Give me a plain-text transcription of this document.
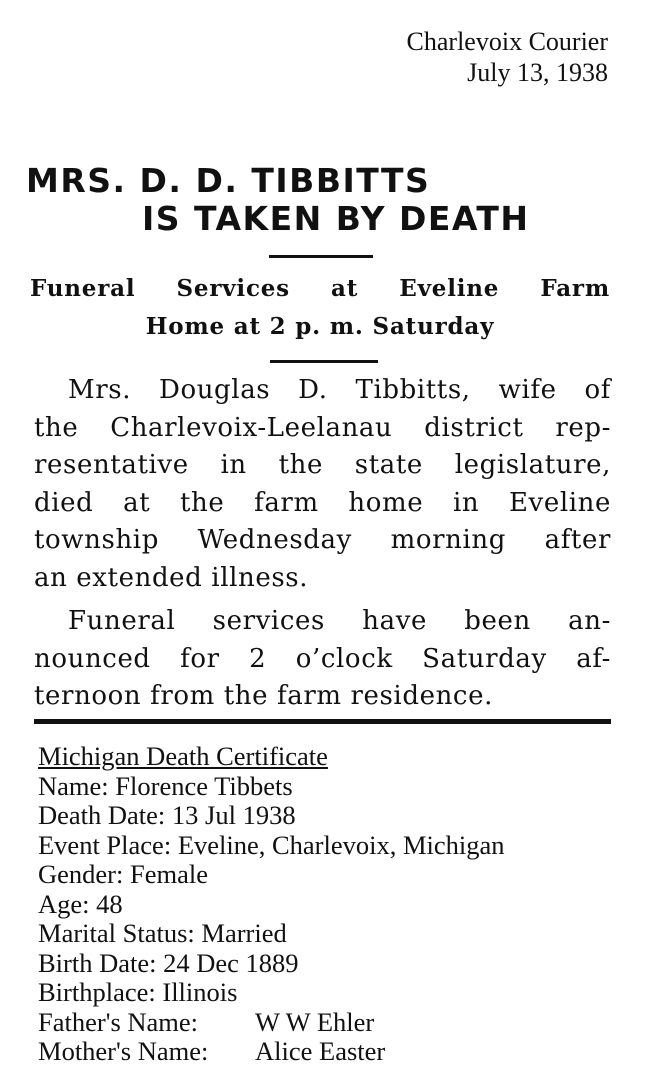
Charlevoix Courier
July 13, 1938
MRS. D. D. TIBBITTS
IS TAKEN BY DEATH
Funeral Services at Eveline Farm
Home at 2 p. m. Saturday
Mrs. Douglas D. Tibbitts, wife of
the Charlevoix-Leelanau district rep-
resentative in the state legislature,
died at the farm home in Eveline
township Wednesday morning after
an extended illness.
Funeral services have been an-
nounced for 2 o’clock Saturday af-
ternoon from the farm residence.
Michigan Death Certificate
Name: Florence Tibbets
Death Date: 13 Jul 1938
Event Place: Eveline, Charlevoix, Michigan
Gender: Female
Age: 48
Marital Status: Married
Birth Date: 24 Dec 1889
Birthplace: Illinois
Father's Name: W W Ehler
Mother's Name: Alice Easter
